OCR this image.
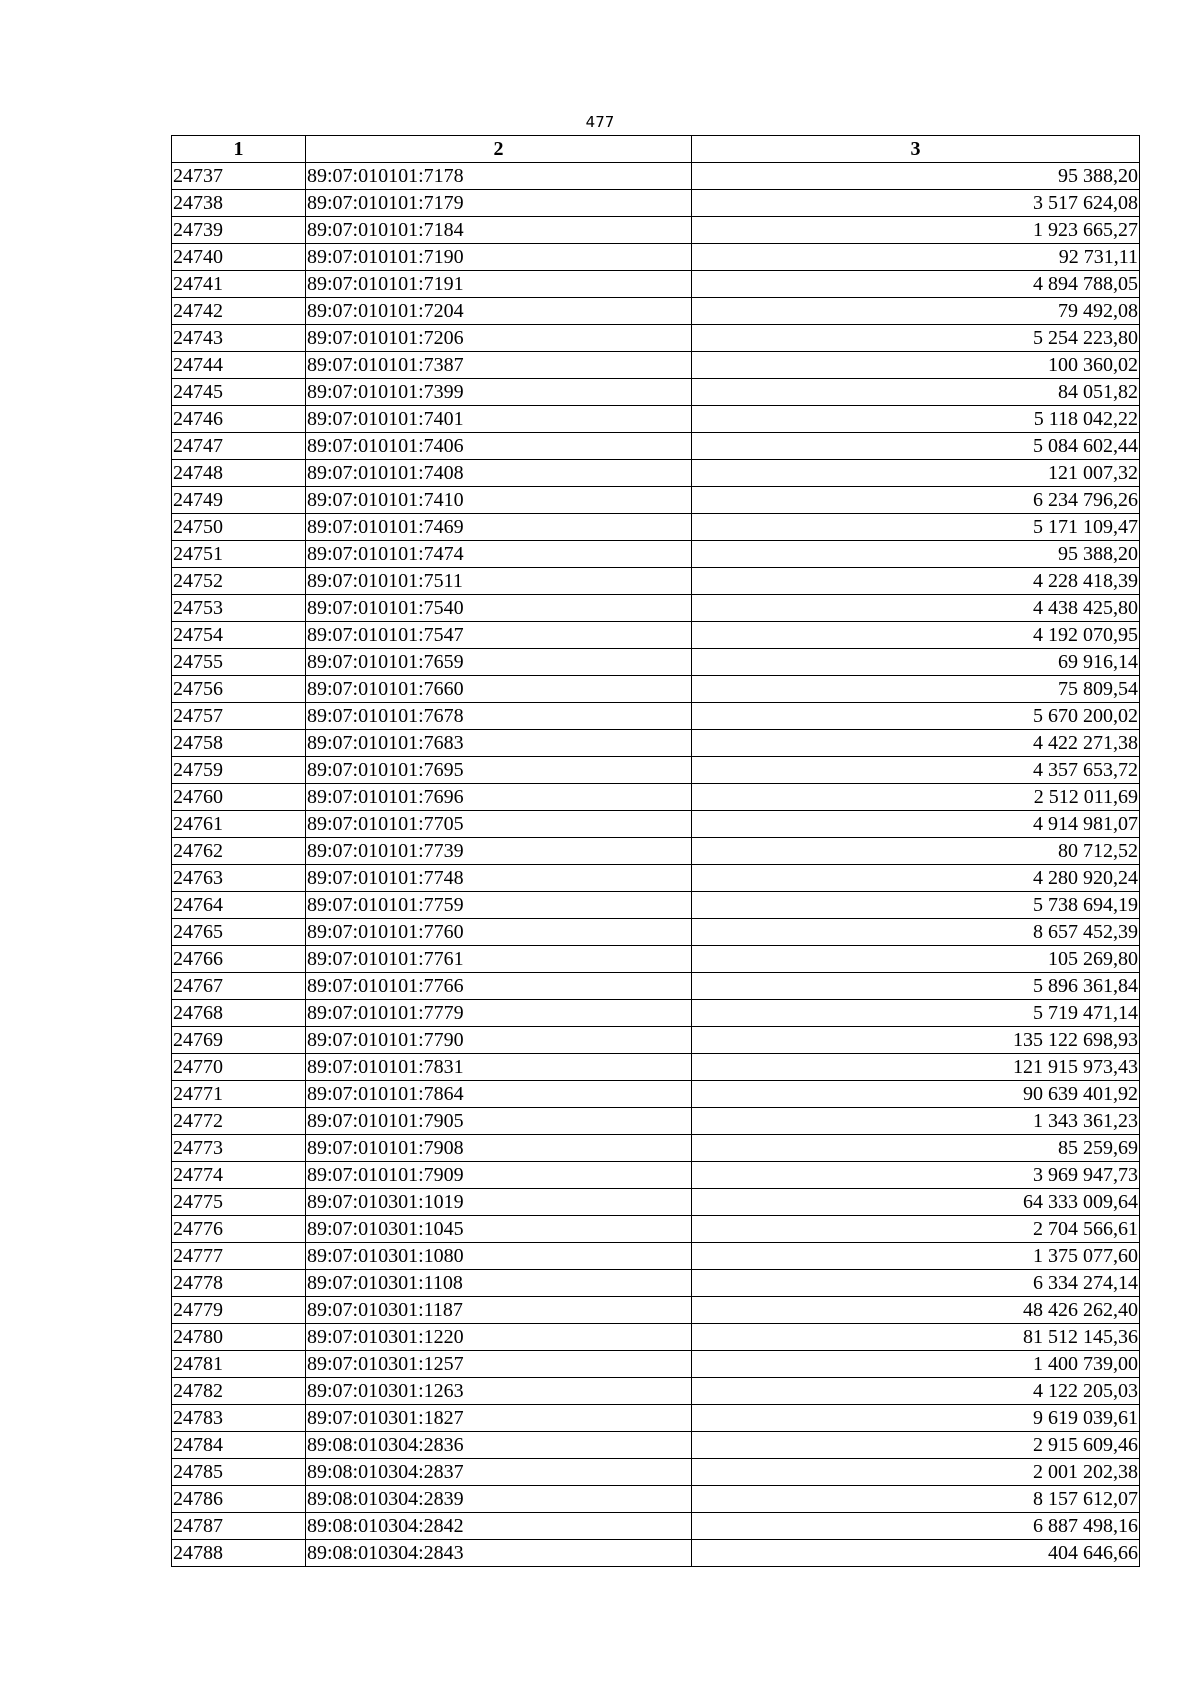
477
1	2	3
24737	89:07:010101:7178	95 388,20
24738	89:07:010101:7179	3 517 624,08
24739	89:07:010101:7184	1 923 665,27
24740	89:07:010101:7190	92 731,11
24741	89:07:010101:7191	4 894 788,05
24742	89:07:010101:7204	79 492,08
24743	89:07:010101:7206	5 254 223,80
24744	89:07:010101:7387	100 360,02
24745	89:07:010101:7399	84 051,82
24746	89:07:010101:7401	5 118 042,22
24747	89:07:010101:7406	5 084 602,44
24748	89:07:010101:7408	121 007,32
24749	89:07:010101:7410	6 234 796,26
24750	89:07:010101:7469	5 171 109,47
24751	89:07:010101:7474	95 388,20
24752	89:07:010101:7511	4 228 418,39
24753	89:07:010101:7540	4 438 425,80
24754	89:07:010101:7547	4 192 070,95
24755	89:07:010101:7659	69 916,14
24756	89:07:010101:7660	75 809,54
24757	89:07:010101:7678	5 670 200,02
24758	89:07:010101:7683	4 422 271,38
24759	89:07:010101:7695	4 357 653,72
24760	89:07:010101:7696	2 512 011,69
24761	89:07:010101:7705	4 914 981,07
24762	89:07:010101:7739	80 712,52
24763	89:07:010101:7748	4 280 920,24
24764	89:07:010101:7759	5 738 694,19
24765	89:07:010101:7760	8 657 452,39
24766	89:07:010101:7761	105 269,80
24767	89:07:010101:7766	5 896 361,84
24768	89:07:010101:7779	5 719 471,14
24769	89:07:010101:7790	135 122 698,93
24770	89:07:010101:7831	121 915 973,43
24771	89:07:010101:7864	90 639 401,92
24772	89:07:010101:7905	1 343 361,23
24773	89:07:010101:7908	85 259,69
24774	89:07:010101:7909	3 969 947,73
24775	89:07:010301:1019	64 333 009,64
24776	89:07:010301:1045	2 704 566,61
24777	89:07:010301:1080	1 375 077,60
24778	89:07:010301:1108	6 334 274,14
24779	89:07:010301:1187	48 426 262,40
24780	89:07:010301:1220	81 512 145,36
24781	89:07:010301:1257	1 400 739,00
24782	89:07:010301:1263	4 122 205,03
24783	89:07:010301:1827	9 619 039,61
24784	89:08:010304:2836	2 915 609,46
24785	89:08:010304:2837	2 001 202,38
24786	89:08:010304:2839	8 157 612,07
24787	89:08:010304:2842	6 887 498,16
24788	89:08:010304:2843	404 646,66
